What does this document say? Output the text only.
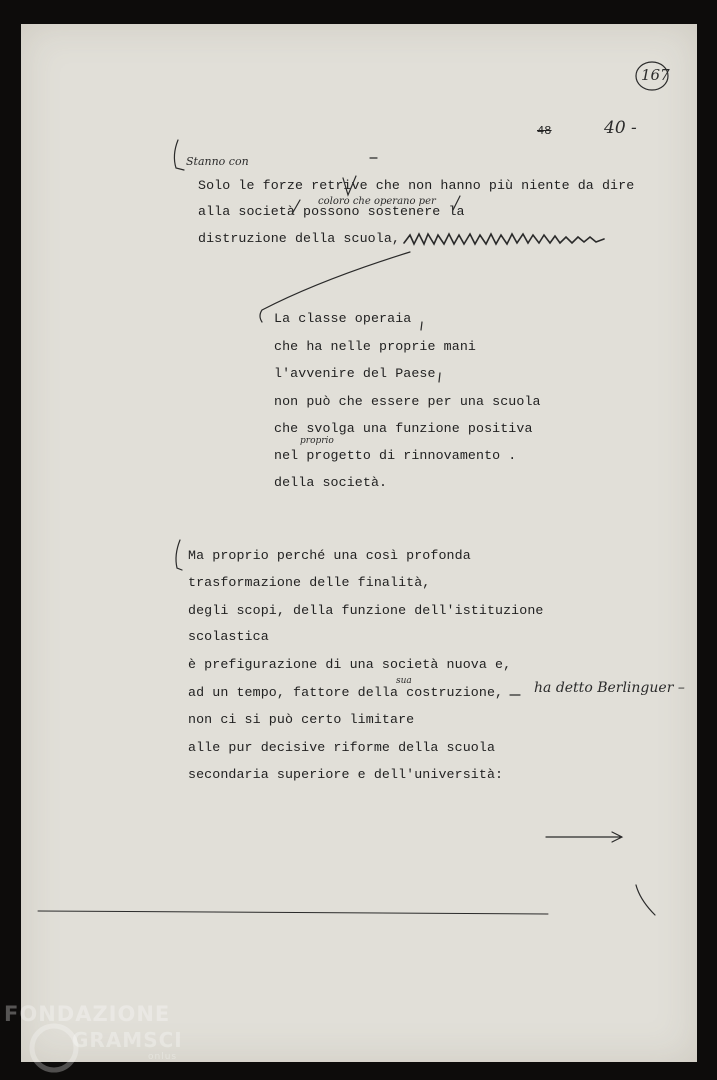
167
48	40 -
Stanno con
coloro che operano per
Solo le forze retrive che non hanno più niente da dire
alla società possono sostenere la
distruzione della scuola,
proprio
La classe operaia
che ha nelle proprie mani
l'avvenire del Paese
non può che essere per una scuola
che svolga una funzione positiva
nel progetto di rinnovamento .
della società.
sua	ha detto Berlinguer –
Ma proprio perché una così profonda
trasformazione delle finalità,
degli scopi, della funzione dell'istituzione
scolastica
è prefigurazione di una società nuova e,
ad un tempo, fattore della costruzione,
non ci si può certo limitare
alle pur decisive riforme della scuola
secondaria superiore e dell'università:
FONDAZIONE
GRAMSCI
onlus
